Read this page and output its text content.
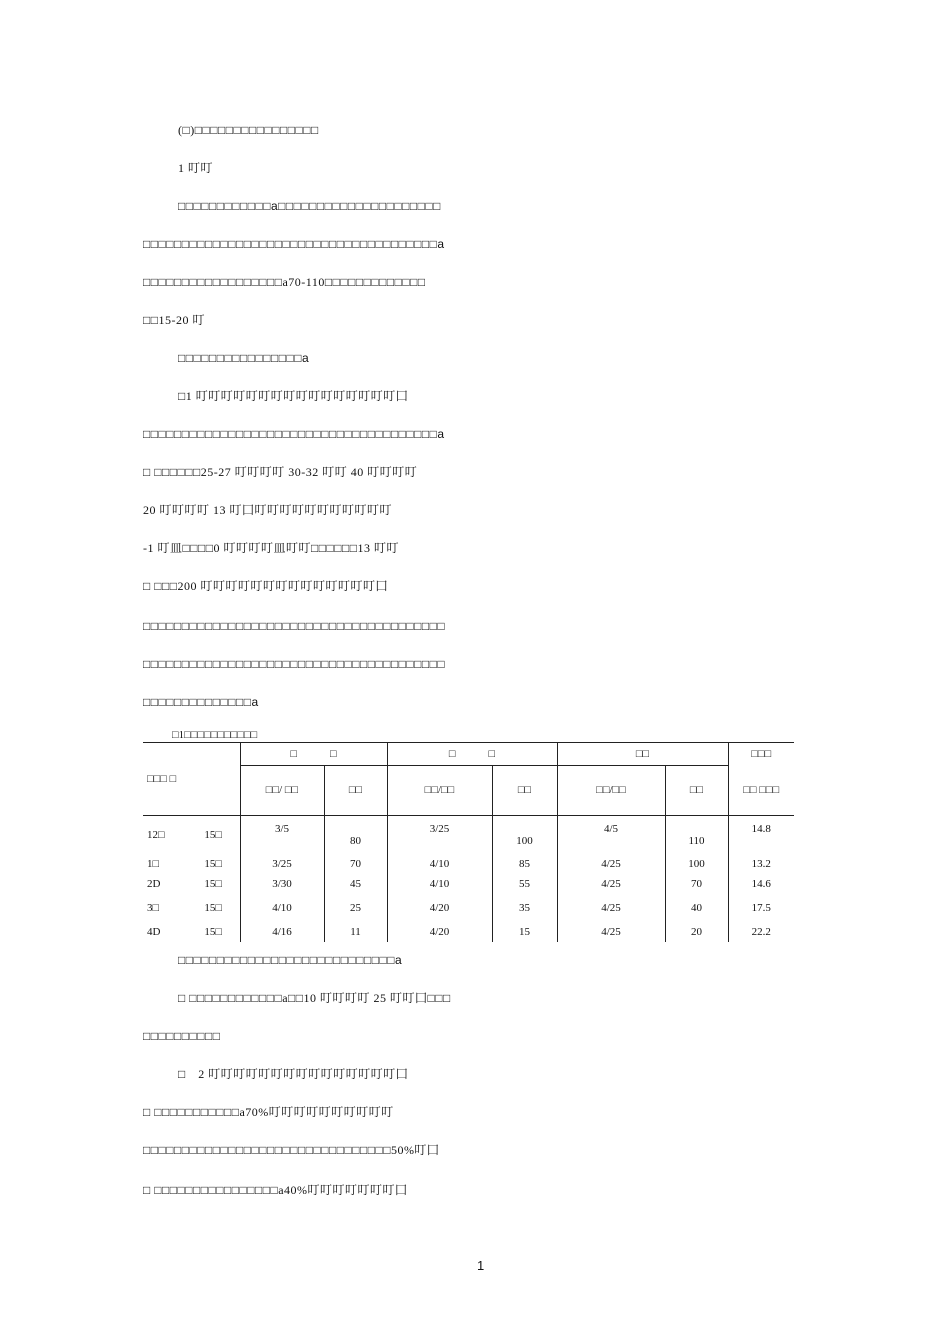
(□)□□□□□□□□□□□□□□□□
1 叮叮
□□□□□□□□□□□□a□□□□□□□□□□□□□□□□□□□□□
□□□□□□□□□□□□□□□□□□□□□□□□□□□□□□□□□□□□□□a
□□□□□□□□□□□□□□□□□□a70-110□□□□□□□□□□□□□
□□15-20 叮
□□□□□□□□□□□□□□□□a
□1 叮叮叮叮叮叮叮叮叮叮叮叮叮叮叮叮囗
□□□□□□□□□□□□□□□□□□□□□□□□□□□□□□□□□□□□□□a
□ □□□□□□25-27 叮叮叮叮 30-32 叮叮 40 叮叮叮叮
20 叮叮叮叮 13 叮囗叮叮叮叮叮叮叮叮叮叮叮
-1 叮皿□□□□0 叮叮叮叮皿叮叮□□□□□□13 叮叮
□ □□□200 叮叮叮叮叮叮叮叮叮叮叮叮叮叮囗
□□□□□□□□□□□□□□□□□□□□□□□□□□□□□□□□□□□□□□□
□□□□□□□□□□□□□□□□□□□□□□□□□□□□□□□□□□□□□□□
□□□□□□□□□□□□□□a
□1□□□□□□□□□□□
□□□ □		□　　　□		□　　　□		□□		□□□
		□□/ □□	□□	□□/□□	□□	□□/□□	□□	□□ □□□
12□	15□	3/5	80	3/25	100	4/5	110	14.8
1□	15□	3/25	70	4/10	85	4/25	100	13.2
2D	15□	3/30	45	4/10	55	4/25	70	14.6
3□	15□	4/10	25	4/20	35	4/25	40	17.5
4D	15□	4/16	11	4/20	15	4/25	20	22.2
□□□□□□□□□□□□□□□□□□□□□□□□□□□□a
□ □□□□□□□□□□□□a□□10 叮叮叮叮 25 叮叮囗□□□
□□□□□□□□□□
□　2 叮叮叮叮叮叮叮叮叮叮叮叮叮叮叮囗
□ □□□□□□□□□□□a70%叮叮叮叮叮叮叮叮叮叮
□□□□□□□□□□□□□□□□□□□□□□□□□□□□□□□□50%叮囗
□ □□□□□□□□□□□□□□□□a40%叮叮叮叮叮叮叮囗
1
